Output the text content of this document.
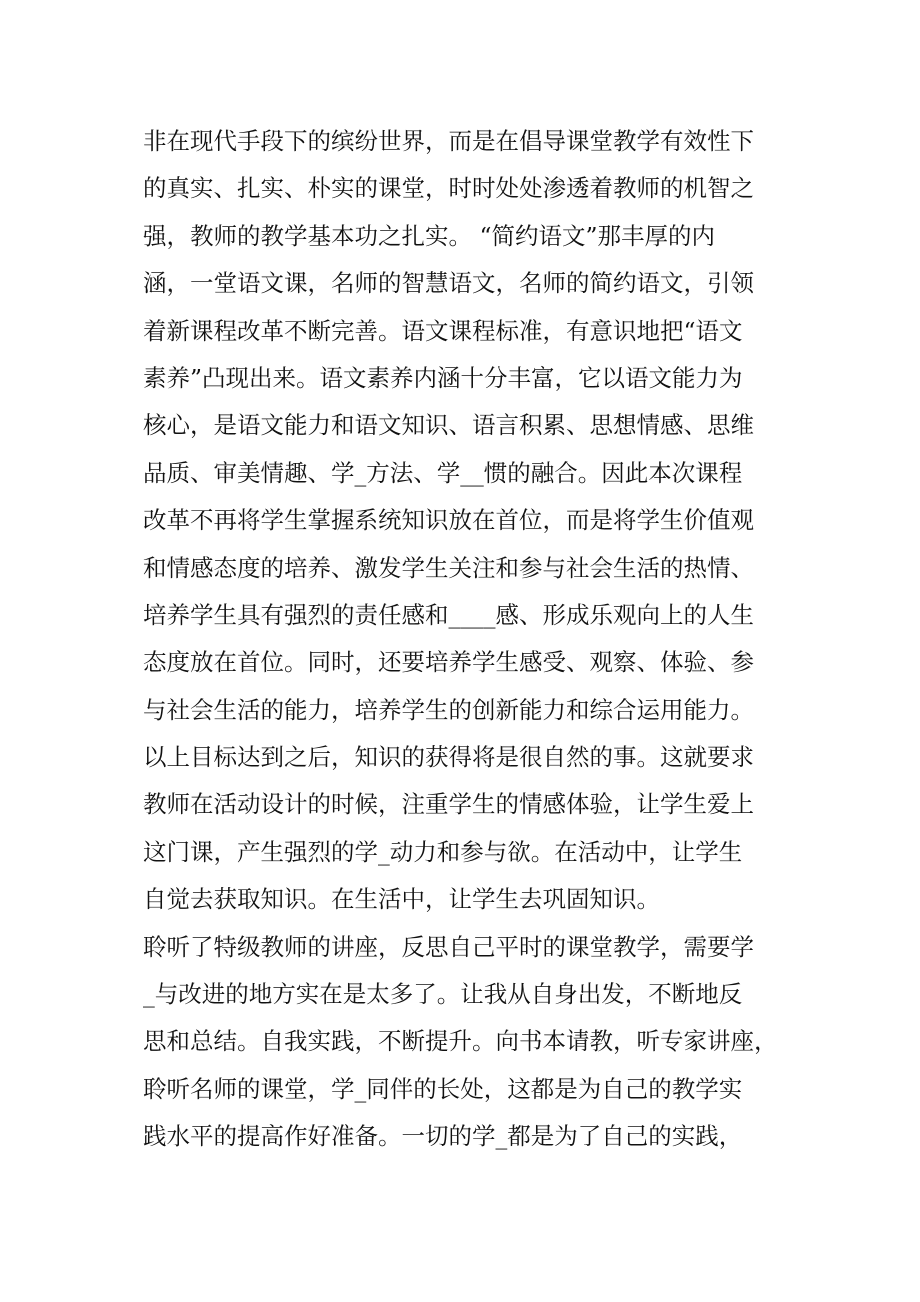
非在现代手段下的缤纷世界，而是在倡导课堂教学有效性下
的真实、扎实、朴实的课堂，时时处处渗透着教师的机智之
强，教师的教学基本功之扎实。 “简约语文”那丰厚的内
涵，一堂语文课，名师的智慧语文，名师的简约语文，引领
着新课程改革不断完善。语文课程标准，有意识地把“语文
素养”凸现出来。语文素养内涵十分丰富，它以语文能力为
核心，是语文能力和语文知识、语言积累、思想情感、思维
品质、审美情趣、学_方法、学__惯的融合。因此本次课程
改革不再将学生掌握系统知识放在首位，而是将学生价值观
和情感态度的培养、激发学生关注和参与社会生活的热情、
培养学生具有强烈的责任感和____感、形成乐观向上的人生
态度放在首位。同时，还要培养学生感受、观察、体验、参
与社会生活的能力，培养学生的创新能力和综合运用能力。
以上目标达到之后，知识的获得将是很自然的事。这就要求
教师在活动设计的时候，注重学生的情感体验，让学生爱上
这门课，产生强烈的学_动力和参与欲。在活动中，让学生
自觉去获取知识。在生活中，让学生去巩固知识。
聆听了特级教师的讲座，反思自己平时的课堂教学，需要学
_与改进的地方实在是太多了。让我从自身出发，不断地反
思和总结。自我实践，不断提升。向书本请教，听专家讲座，
聆听名师的课堂，学_同伴的长处，这都是为自己的教学实
践水平的提高作好准备。一切的学_都是为了自己的实践，
